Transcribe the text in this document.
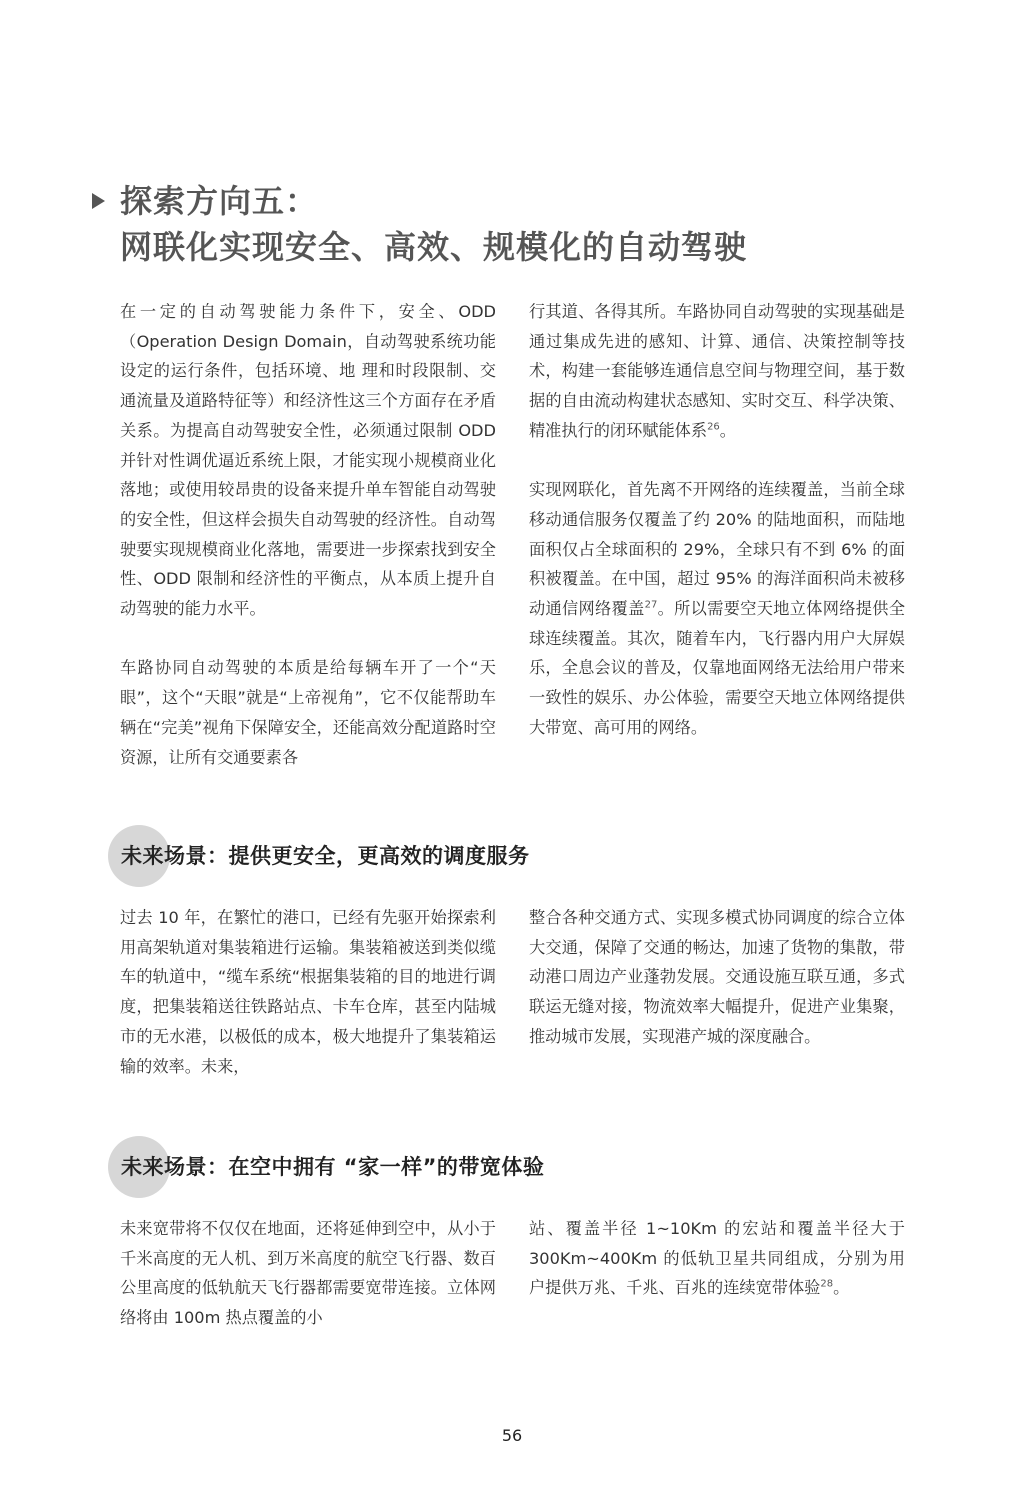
探索方向五：
网联化实现安全、高效、规模化的自动驾驶

在一定的自动驾驶能力条件下，安全、ODD（Operation Design Domain，自动驾驶系统功能设定的运行条件，包括环境、地 理和时段限制、交通流量及道路特征等）和经济性这三个方面存在矛盾关系。为提高自动驾驶安全性，必须通过限制 ODD 并针对性调优逼近系统上限，才能实现小规模商业化落地；或使用较昂贵的设备来提升单车智能自动驾驶的安全性，但这样会损失自动驾驶的经济性。自动驾驶要实现规模商业化落地，需要进一步探索找到安全性、ODD 限制和经济性的平衡点，从本质上提升自动驾驶的能力水平。

车路协同自动驾驶的本质是给每辆车开了一个“天眼”，这个“天眼”就是“上帝视角”，它不仅能帮助车辆在“完美”视角下保障安全，还能高效分配道路时空资源，让所有交通要素各

行其道、各得其所。车路协同自动驾驶的实现基础是通过集成先进的感知、计算、通信、决策控制等技术，构建一套能够连通信息空间与物理空间，基于数据的自由流动构建状态感知、实时交互、科学决策、精准执行的闭环赋能体系$^{26}$。

实现网联化，首先离不开网络的连续覆盖，当前全球移动通信服务仅覆盖了约 20% 的陆地面积，而陆地面积仅占全球面积的 29%，全球只有不到 6% 的面积被覆盖。在中国，超过 95% 的海洋面积尚未被移动通信网络覆盖$^{27}$。所以需要空天地立体网络提供全球连续覆盖。其次，随着车内，飞行器内用户大屏娱乐，全息会议的普及，仅靠地面网络无法给用户带来一致性的娱乐、办公体验，需要空天地立体网络提供大带宽、高可用的网络。

未来场景：提供更安全，更高效的调度服务

过去 10 年，在繁忙的港口，已经有先驱开始探索利用高架轨道对集装箱进行运输。集装箱被送到类似缆车的轨道中，“缆车系统“根据集装箱的目的地进行调度，把集装箱送往铁路站点、卡车仓库，甚至内陆城市的无水港，以极低的成本，极大地提升了集装箱运输的效率。未来，

整合各种交通方式、实现多模式协同调度的综合立体大交通，保障了交通的畅达，加速了货物的集散，带动港口周边产业蓬勃发展。交通设施互联互通，多式联运无缝对接，物流效率大幅提升，促进产业集聚，推动城市发展，实现港产城的深度融合。

未来场景：在空中拥有 “家一样”的带宽体验

未来宽带将不仅仅在地面，还将延伸到空中，从小于千米高度的无人机、到万米高度的航空飞行器、数百公里高度的低轨航天飞行器都需要宽带连接。立体网络将由 100m 热点覆盖的小

站、覆盖半径 1~10Km 的宏站和覆盖半径大于 300Km~400Km 的低轨卫星共同组成，分别为用户提供万兆、千兆、百兆的连续宽带体验$^{28}$。

56
